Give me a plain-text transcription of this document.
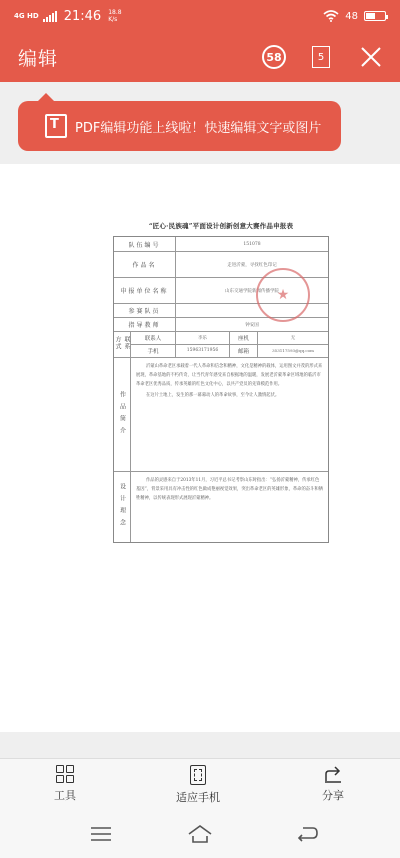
4G HD 21:46 18.8
K/s	48
编辑	58	5
T
PDF编辑功能上线啦！快速编辑文字或图片
“匠心·民族魂”平面设计创新创意大赛作品申报表
队伍编号	151078
作品名	走进沂蒙，寻找红色印记
申报单位名称	山东交通学院新闻传播学院
参赛队员
指导教师	钟安国
联系方式	联系人	李乐	座机	无
手机	15963171956	邮箱	353117593@qq.com
作品简介

沂蒙山革命老区承载着一代人革命和信念和精神，文化是精神的载体，运用图文并茂的形式来展现，革命基地的不朽传奇，让当代青年感受来自根据地的温暖，发展老沂蒙革命区域地的临沂市革命老区优秀品质，传承英雄的红色文化中心，以共产党员的先锋模范作用。

在这片土地上，发生的那一幕幕动人的革命故事，至今让人激情起伏。

设计理念

作品的灵感来自于2013年11月，习近平总书记考察山东时指出：“弘扬沂蒙精神，传承红色基因”，背景采用具有冲击性的红色做成艳丽视觉效果，突出革命老区的英雄形象，革命的奋斗和牺牲精神，以传统表现形式展现沂蒙精神。

★
工具	适应手机	分享
